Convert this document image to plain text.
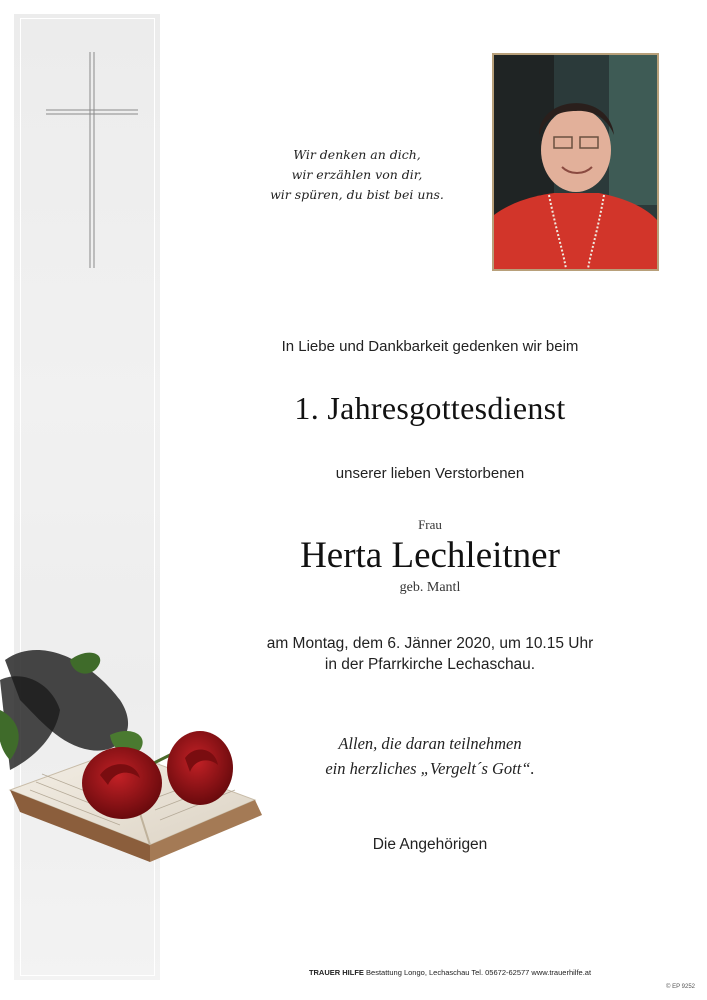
Wir denken an dich,
wir erzählen von dir,
wir spüren, du bist bei uns.
In Liebe und Dankbarkeit gedenken wir beim
1. Jahresgottesdienst
unserer lieben Verstorbenen
Frau
Herta Lechleitner
geb. Mantl
am Montag, dem 6. Jänner 2020, um 10.15 Uhr
in der Pfarrkirche Lechaschau.
Allen, die daran teilnehmen
ein herzliches „Vergelt´s Gott“.
Die Angehörigen
TRAUER HILFE Bestattung Longo, Lechaschau Tel. 05672-62577 www.trauerhilfe.at
© EP 9252
